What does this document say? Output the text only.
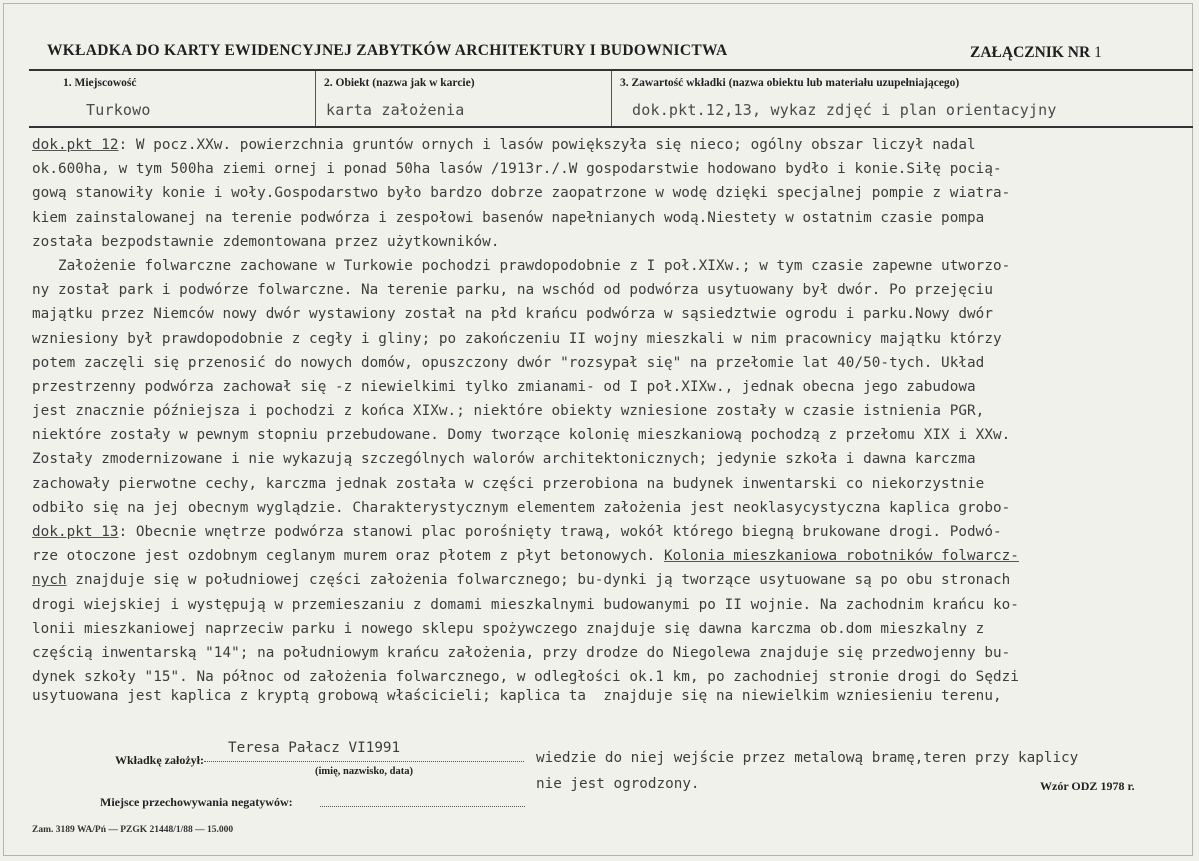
WKŁADKA DO KARTY EWIDENCYJNEJ ZABYTKÓW ARCHITEKTURY I BUDOWNICTWA	ZAŁĄCZNIK NR 1
1. Miejscowość
Turkowo
2. Obiekt (nazwa jak w karcie)
karta założenia
3. Zawartość wkładki (nazwa obiektu lub materiału uzupełniającego)
dok.pkt.12,13, wykaz zdjęć i plan orientacyjny
dok.pkt 12: W pocz.XXw. powierzchnia gruntów ornych i lasów powiększyła się nieco; ogólny obszar liczył nadal
ok.600ha, w tym 500ha ziemi ornej i ponad 50ha lasów /1913r./.W gospodarstwie hodowano bydło i konie.Siłę pocią-
gową stanowiły konie i woły.Gospodarstwo było bardzo dobrze zaopatrzone w wodę dzięki specjalnej pompie z wiatra-
kiem zainstalowanej na terenie podwórza i zespołowi basenów napełnianych wodą.Niestety w ostatnim czasie pompa
została bezpodstawnie zdemontowana przez użytkowników.
Założenie folwarczne zachowane w Turkowie pochodzi prawdopodobnie z I poł.XIXw.; w tym czasie zapewne utworzo-
ny został park i podwórze folwarczne. Na terenie parku, na wschód od podwórza usytuowany był dwór. Po przejęciu
majątku przez Niemców nowy dwór wystawiony został na płd krańcu podwórza w sąsiedztwie ogrodu i parku.Nowy dwór
wzniesiony był prawdopodobnie z cegły i gliny; po zakończeniu II wojny mieszkali w nim pracownicy majątku którzy
potem zaczęli się przenosić do nowych domów, opuszczony dwór "rozsypał się" na przełomie lat 40/50-tych. Układ
przestrzenny podwórza zachował się -z niewielkimi tylko zmianami- od I poł.XIXw., jednak obecna jego zabudowa
jest znacznie późniejsza i pochodzi z końca XIXw.; niektóre obiekty wzniesione zostały w czasie istnienia PGR,
niektóre zostały w pewnym stopniu przebudowane. Domy tworzące kolonię mieszkaniową pochodzą z przełomu XIX i XXw.
Zostały zmodernizowane i nie wykazują szczególnych walorów architektonicznych; jedynie szkoła i dawna karczma
zachowały pierwotne cechy, karczma jednak została w części przerobiona na budynek inwentarski co niekorzystnie
odbiło się na jej obecnym wyglądzie. Charakterystycznym elementem założenia jest neoklasycystyczna kaplica grobo-
dok.pkt 13: Obecnie wnętrze podwórza stanowi plac porośnięty trawą, wokół którego biegną brukowane drogi. Podwó-
rze otoczone jest ozdobnym ceglanym murem oraz płotem z płyt betonowych. Kolonia mieszkaniowa robotników folwarcz-
nych znajduje się w południowej części założenia folwarcznego; bu-dynki ją tworzące usytuowane są po obu stronach
drogi wiejskiej i występują w przemieszaniu z domami mieszkalnymi budowanymi po II wojnie. Na zachodnim krańcu ko-
lonii mieszkaniowej naprzeciw parku i nowego sklepu spożywczego znajduje się dawna karczma ob.dom mieszkalny z
częścią inwentarską "14"; na południowym krańcu założenia, przy drodze do Niegolewa znajduje się przedwojenny bu-
dynek szkoły "15". Na północ od założenia folwarcznego, w odległości ok.1 km, po zachodniej stronie drogi do Sędzi
usytuowana jest kaplica z kryptą grobową właścicieli; kaplica ta  znajduje się na niewielkim wzniesieniu terenu,
Wkładkę założył:
Teresa Pałacz VI1991
(imię, nazwisko, data)
wiedzie do niej wejście przez metalową bramę,teren przy kaplicy
nie jest ogrodzony.	Wzór ODZ 1978 r.
Miejsce przechowywania negatywów:
Zam. 3189 WA/Pń — PZGK 21448/1/88 — 15.000
